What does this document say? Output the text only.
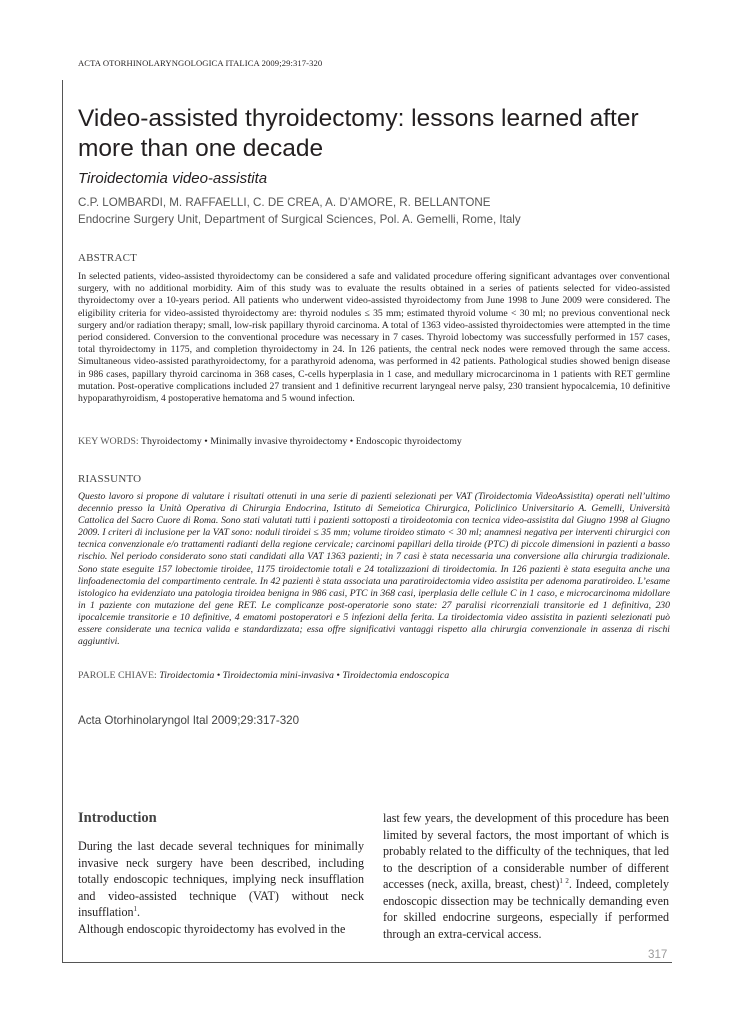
ACTA OTORHINOLARYNGOLOGICA ITALICA 2009;29:317-320
Video-assisted thyroidectomy: lessons learned after more than one decade
Tiroidectomia video-assistita
C.P. LOMBARDI, M. RAFFAELLI, C. DE CREA, A. D’AMORE, R. BELLANTONE
Endocrine Surgery Unit, Department of Surgical Sciences, Pol. A. Gemelli, Rome, Italy
ABSTRACT

In selected patients, video-assisted thyroidectomy can be considered a safe and validated procedure offering significant advantages over conventional surgery, with no additional morbidity. Aim of this study was to evaluate the results obtained in a series of patients selected for video-assisted thyroidectomy over a 10-years period. All patients who underwent video-assisted thyroidectomy from June 1998 to June 2009 were considered. The eligibility criteria for video-assisted thyroidectomy are: thyroid nodules ≤ 35 mm; estimated thyroid volume < 30 ml; no previous conventional neck surgery and/or radiation therapy; small, low-risk papillary thyroid carcinoma. A total of 1363 video-assisted thyroidectomies were attempted in the time period considered. Conversion to the conventional procedure was necessary in 7 cases. Thyroid lobectomy was successfully performed in 157 cases, total thyroidectomy in 1175, and completion thyroidectomy in 24. In 126 patients, the central neck nodes were removed through the same access. Simultaneous video-assisted parathyroidectomy, for a parathyroid adenoma, was performed in 42 patients. Pathological studies showed benign disease in 986 cases, papillary thyroid carcinoma in 368 cases, C-cells hyperplasia in 1 case, and medullary microcarcinoma in 1 patients with RET germline mutation. Post-operative complications included 27 transient and 1 definitive recurrent laryngeal nerve palsy, 230 transient hypocalcemia, 10 definitive hypoparathyroidism, 4 postoperative hematoma and 5 wound infection.

KEY WORDS: Thyroidectomy • Minimally invasive thyroidectomy • Endoscopic thyroidectomy
RIASSUNTO

Questo lavoro si propone di valutare i risultati ottenuti in una serie di pazienti selezionati per VAT (Tiroidectomia VideoAssistita) operati nell’ultimo decennio presso la Unità Operativa di Chirurgia Endocrina, Istituto di Semeiotica Chirurgica, Policlinico Universitario A. Gemelli, Università Cattolica del Sacro Cuore di Roma. Sono stati valutati tutti i pazienti sottoposti a tiroideotomia con tecnica video-assistita dal Giugno 1998 al Giugno 2009. I criteri di inclusione per la VAT sono: noduli tiroidei ≤ 35 mm; volume tiroideo stimato < 30 ml; anamnesi negativa per interventi chirurgici con tecnica convenzionale e/o trattamenti radianti della regione cervicale; carcinomi papillari della tiroide (PTC) di piccole dimensioni in pazienti a basso rischio. Nel periodo considerato sono stati candidati alla VAT 1363 pazienti; in 7 casi è stata necessaria una conversione alla chirurgia tradizionale. Sono state eseguite 157 lobectomie tiroidee, 1175 tiroidectomie totali e 24 totalizzazioni di tiroidectomia. In 126 pazienti è stata eseguita anche una linfoadenectomia del compartimento centrale. In 42 pazienti è stata associata una paratiroidectomia video assistita per adenoma paratiroideo. L’esame istologico ha evidenziato una patologia tiroidea benigna in 986 casi, PTC in 368 casi, iperplasia delle cellule C in 1 caso, e microcarcinoma midollare in 1 paziente con mutazione del gene RET. Le complicanze post-operatorie sono state: 27 paralisi ricorrenziali transitorie ed 1 definitiva, 230 ipocalcemie transitorie e 10 definitive, 4 ematomi postoperatori e 5 infezioni della ferita. La tiroidectomia video assistita in pazienti selezionati può essere considerate una tecnica valida e standardizzata; essa offre significativi vantaggi rispetto alla chirurgia convenzionale in assenza di rischi aggiuntivi.

PAROLE CHIAVE: Tiroidectomia • Tiroidectomia mini-invasiva • Tiroidectomia endoscopica
Acta Otorhinolaryngol Ital 2009;29:317-320
Introduction

During the last decade several techniques for minimally invasive neck surgery have been described, including totally endoscopic techniques, implying neck insufflation and video-assisted technique (VAT) without neck insufflation$^1$.

Although endoscopic thyroidectomy has evolved in the

last few years, the development of this procedure has been limited by several factors, the most important of which is probably related to the difficulty of the techniques, that led to the description of a considerable number of different accesses (neck, axilla, breast, chest)$^{1 2}$. Indeed, completely endoscopic dissection may be technically demanding even for skilled endocrine surgeons, especially if performed through an extra-cervical access.

317
